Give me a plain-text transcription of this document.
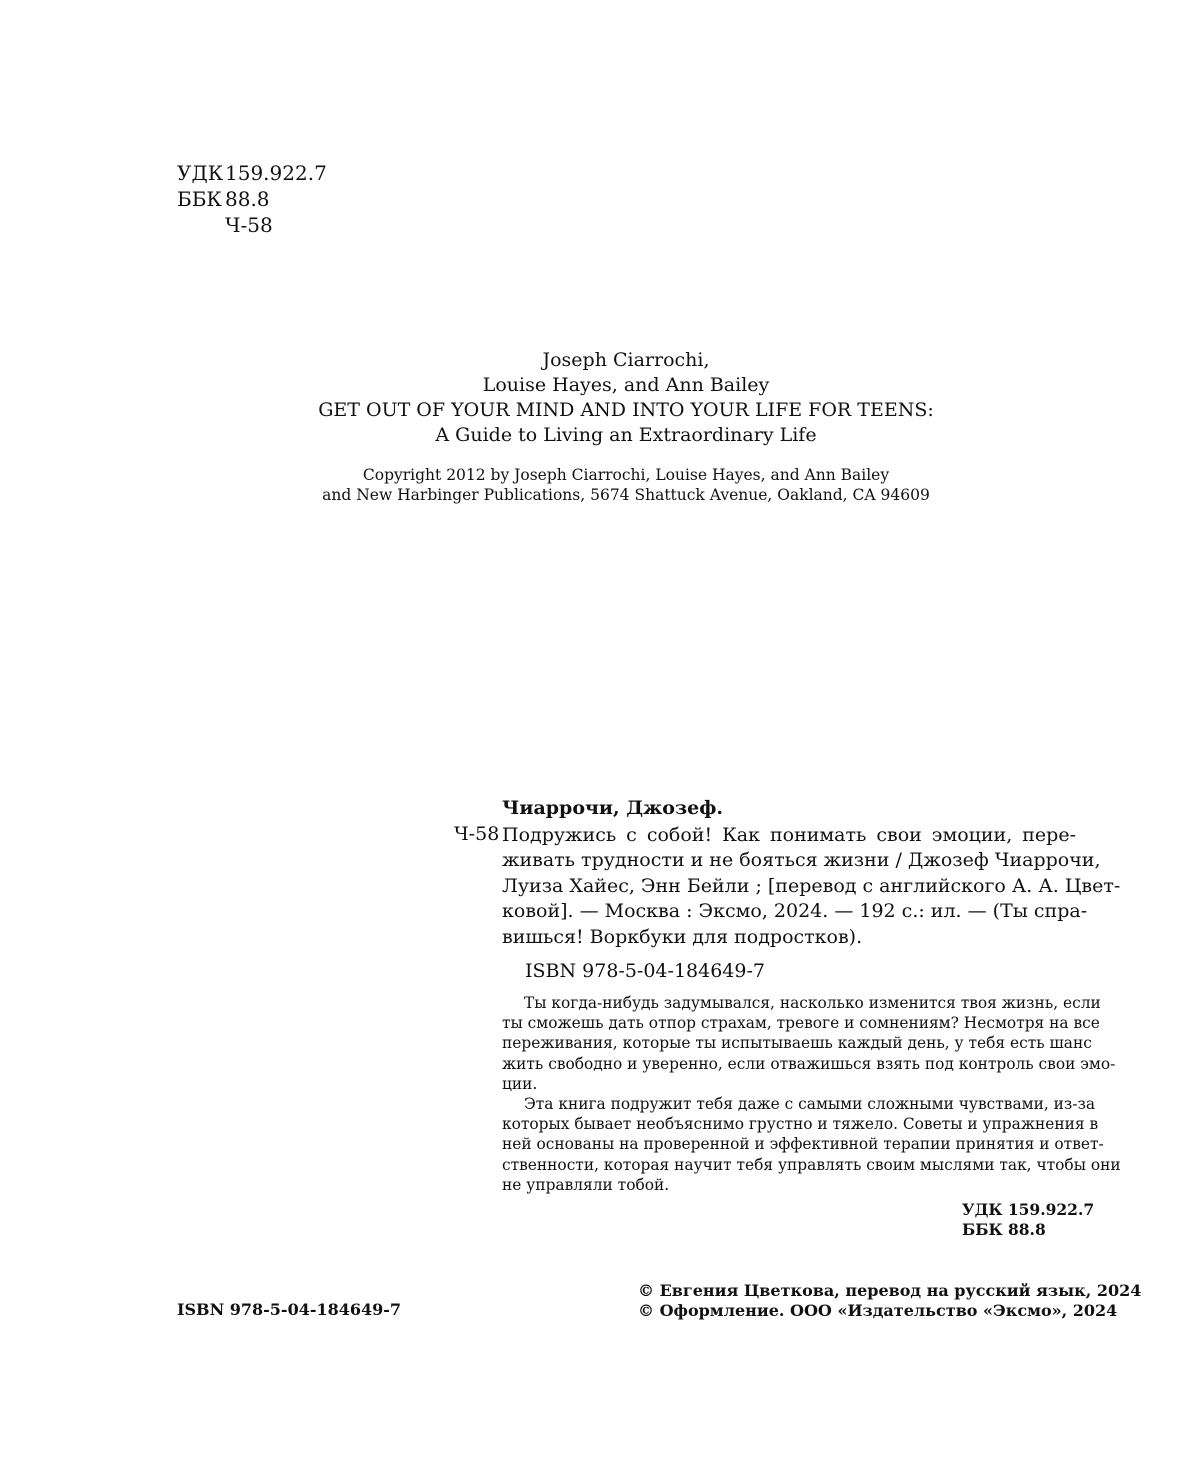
УДК159.922.7
ББК 88.8
Ч-58
Joseph Ciarrochi,
Louise Hayes, and Ann Bailey
GET OUT OF YOUR MIND AND INTO YOUR LIFE FOR TEENS:
A Guide to Living an Extraordinary Life
Copyright 2012 by Joseph Ciarrochi, Louise Hayes, and Ann Bailey
and New Harbinger Publications, 5674 Shattuck Avenue, Oakland, CA 94609
Чиаррочи, Джозеф.
Ч-58 Подружись с собой! Как понимать свои эмоции, пере-
живать трудности и не бояться жизни / Джозеф Чиаррочи,
Луиза Хайес, Энн Бейли ; [перевод с английского А. А. Цвет-
ковой]. — Москва : Эксмо, 2024. — 192 с.: ил. — (Ты спра-
вишься! Воркбуки для подростков).
ISBN 978-5-04-184649-7
Ты когда-нибудь задумывался, насколько изменится твоя жизнь, если
ты сможешь дать отпор страхам, тревоге и сомнениям? Несмотря на все
переживания, которые ты испытываешь каждый день, у тебя есть шанс
жить свободно и уверенно, если отважишься взять под контроль свои эмо-
ции.
Эта книга подружит тебя даже с самыми сложными чувствами, из-за
которых бывает необъяснимо грустно и тяжело. Советы и упражнения в
ней основаны на проверенной и эффективной терапии принятия и ответ-
ственности, которая научит тебя управлять своим мыслями так, чтобы они
не управляли тобой.
УДК 159.922.7
ББК 88.8
ISBN 978-5-04-184649-7
© Евгения Цветкова, перевод на русский язык, 2024
© Оформление. ООО «Издательство «Эксмо», 2024
